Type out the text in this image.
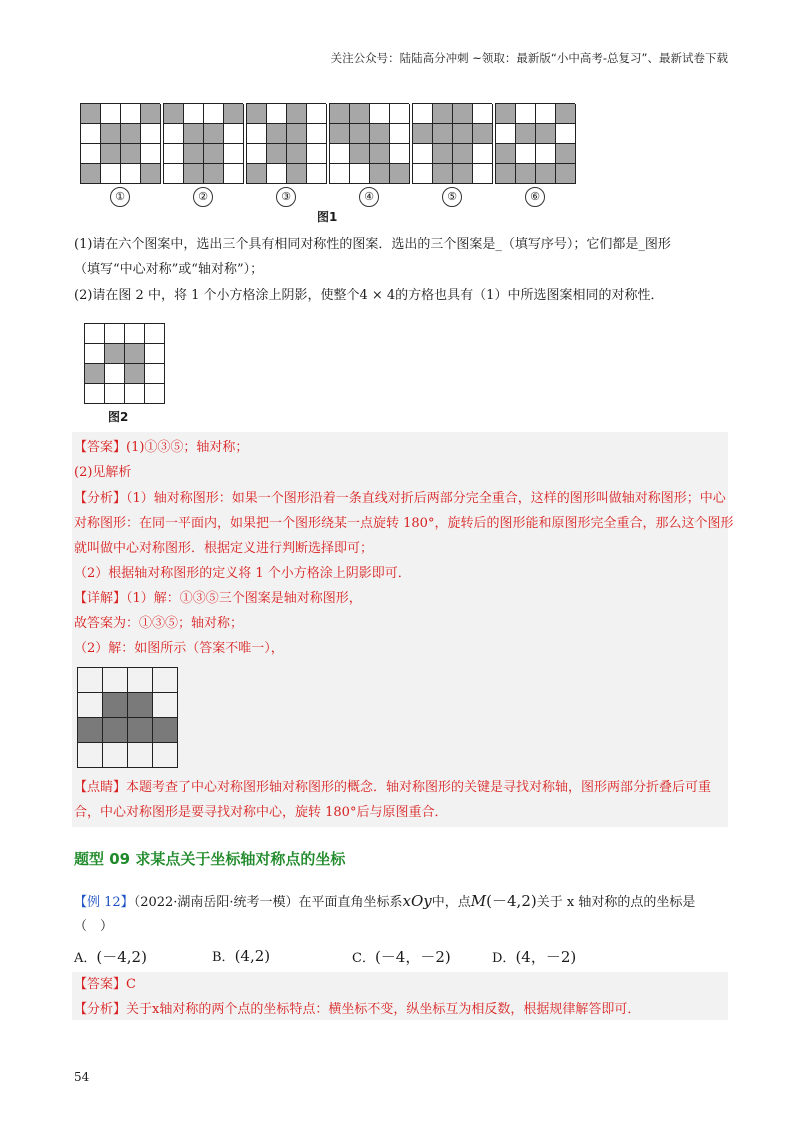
关注公众号：陆陆高分冲刺 ~领取：最新版“小中高考-总复习”、最新试卷下载
①	②	③	④	⑤	⑥
图1
(1)请在六个图案中，选出三个具有相同对称性的图案．选出的三个图案是_（填写序号）；它们都是_图形
（填写“中心对称”或“轴对称”）；
(2)请在图 2 中，将 1 个小方格涂上阴影，使整个4 × 4的方格也具有（1）中所选图案相同的对称性．
图2
【答案】(1)①③⑤；轴对称；
(2)见解析
【分析】（1）轴对称图形：如果一个图形沿着一条直线对折后两部分完全重合，这样的图形叫做轴对称图形；中心对称图形：在同一平面内，如果把一个图形绕某一点旋转 180°，旋转后的图形能和原图形完全重合，那么这个图形就叫做中心对称图形．根据定义进行判断选择即可；
（2）根据轴对称图形的定义将 1 个小方格涂上阴影即可．
【详解】（1）解：①③⑤三个图案是轴对称图形，
故答案为：①③⑤；轴对称；
（2）解：如图所示（答案不唯一），
【点睛】本题考查了中心对称图形轴对称图形的概念．轴对称图形的关键是寻找对称轴，图形两部分折叠后可重合，中心对称图形是要寻找对称中心，旋转 180°后与原图重合．
题型 09 求某点关于坐标轴对称点的坐标
【例 12】（2022·湖南岳阳·统考一模）在平面直角坐标系xOy中，点M(－4,2)关于 x 轴对称的点的坐标是
（　）
A．(－4,2)	B．(4,2)	C．(－4，－2)	D．(4，－2)
【答案】C
【分析】关于x轴对称的两个点的坐标特点：横坐标不变，纵坐标互为相反数，根据规律解答即可．
54
